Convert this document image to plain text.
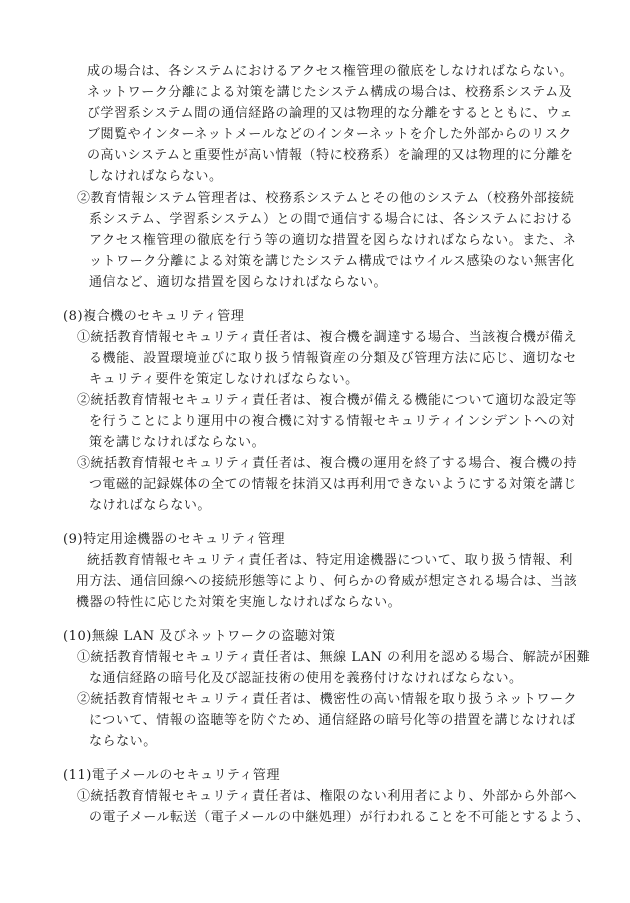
成の場合は、各システムにおけるアクセス権管理の徹底をしなければならない。
ネットワーク分離による対策を講じたシステム構成の場合は、校務系システム及
び学習系システム間の通信経路の論理的又は物理的な分離をするとともに、ウェ
ブ閲覧やインターネットメールなどのインターネットを介した外部からのリスク
の高いシステムと重要性が高い情報（特に校務系）を論理的又は物理的に分離を
しなければならない。
②教育情報システム管理者は、校務系システムとその他のシステム（校務外部接続
系システム、学習系システム）との間で通信する場合には、各システムにおける
アクセス権管理の徹底を行う等の適切な措置を図らなければならない。また、ネ
ットワーク分離による対策を講じたシステム構成ではウイルス感染のない無害化
通信など、適切な措置を図らなければならない。
(8)複合機のセキュリティ管理
①統括教育情報セキュリティ責任者は、複合機を調達する場合、当該複合機が備え
る機能、設置環境並びに取り扱う情報資産の分類及び管理方法に応じ、適切なセ
キュリティ要件を策定しなければならない。
②統括教育情報セキュリティ責任者は、複合機が備える機能について適切な設定等
を行うことにより運用中の複合機に対する情報セキュリティインシデントへの対
策を講じなければならない。
③統括教育情報セキュリティ責任者は、複合機の運用を終了する場合、複合機の持
つ電磁的記録媒体の全ての情報を抹消又は再利用できないようにする対策を講じ
なければならない。
(9)特定用途機器のセキュリティ管理
統括教育情報セキュリティ責任者は、特定用途機器について、取り扱う情報、利
用方法、通信回線への接続形態等により、何らかの脅威が想定される場合は、当該
機器の特性に応じた対策を実施しなければならない。
(10)無線 LAN 及びネットワークの盗聴対策
①統括教育情報セキュリティ責任者は、無線 LAN の利用を認める場合、解読が困難
な通信経路の暗号化及び認証技術の使用を義務付けなければならない。
②統括教育情報セキュリティ責任者は、機密性の高い情報を取り扱うネットワーク
について、情報の盗聴等を防ぐため、通信経路の暗号化等の措置を講じなければ
ならない。
(11)電子メールのセキュリティ管理
①統括教育情報セキュリティ責任者は、権限のない利用者により、外部から外部へ
の電子メール転送（電子メールの中継処理）が行われることを不可能とするよう、
